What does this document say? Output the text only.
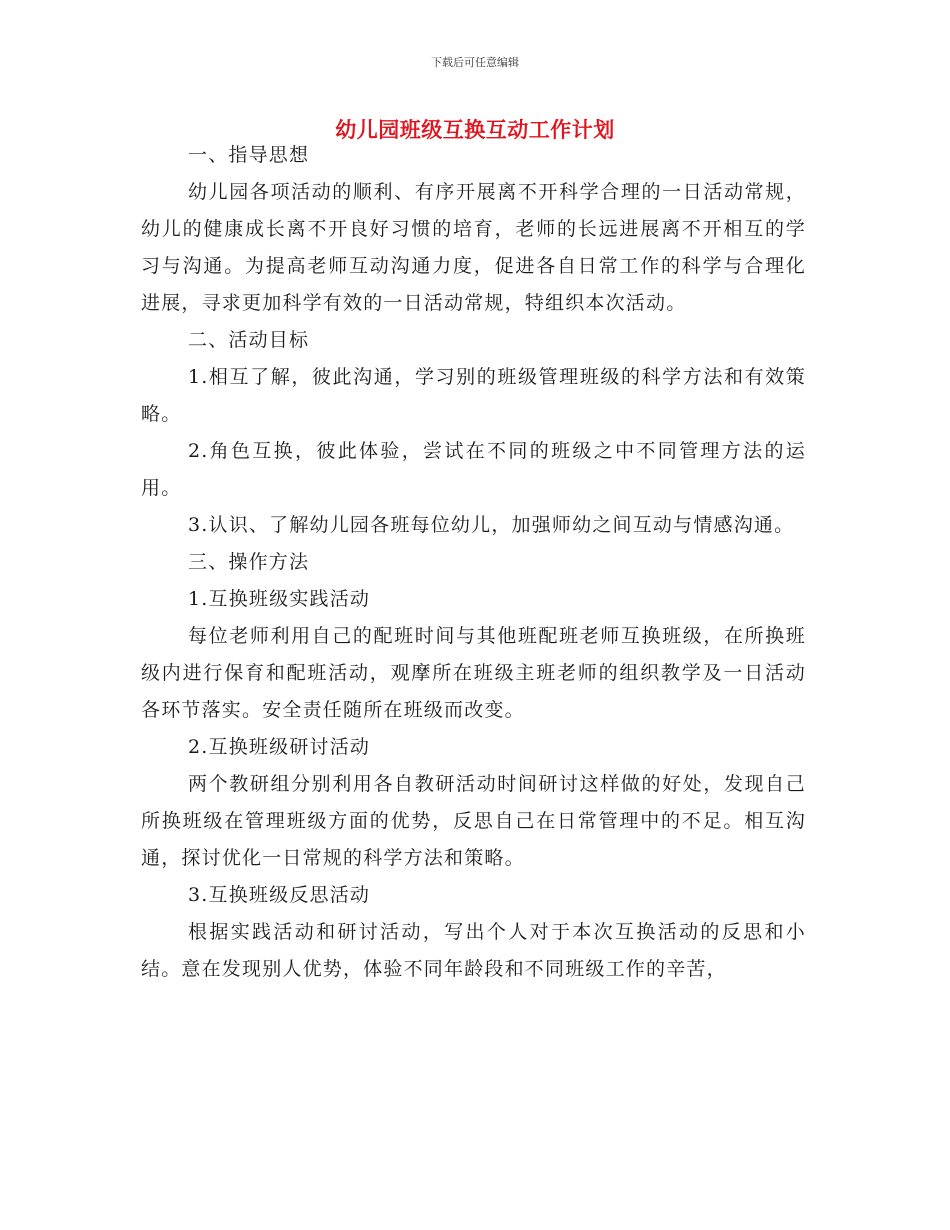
下载后可任意编辑
幼儿园班级互换互动工作计划

一、指导思想

幼儿园各项活动的顺利、有序开展离不开科学合理的一日活动常规，幼儿的健康成长离不开良好习惯的培育，老师的长远进展离不开相互的学习与沟通。为提高老师互动沟通力度，促进各自日常工作的科学与合理化进展，寻求更加科学有效的一日活动常规，特组织本次活动。

二、活动目标

1.相互了解，彼此沟通，学习别的班级管理班级的科学方法和有效策略。

2.角色互换，彼此体验，尝试在不同的班级之中不同管理方法的运用。

3.认识、了解幼儿园各班每位幼儿，加强师幼之间互动与情感沟通。

三、操作方法

1.互换班级实践活动

每位老师利用自己的配班时间与其他班配班老师互换班级，在所换班级内进行保育和配班活动，观摩所在班级主班老师的组织教学及一日活动各环节落实。安全责任随所在班级而改变。

2.互换班级研讨活动

两个教研组分别利用各自教研活动时间研讨这样做的好处，发现自己所换班级在管理班级方面的优势，反思自己在日常管理中的不足。相互沟通，探讨优化一日常规的科学方法和策略。

3.互换班级反思活动

根据实践活动和研讨活动，写出个人对于本次互换活动的反思和小结。意在发现别人优势，体验不同年龄段和不同班级工作的辛苦，
